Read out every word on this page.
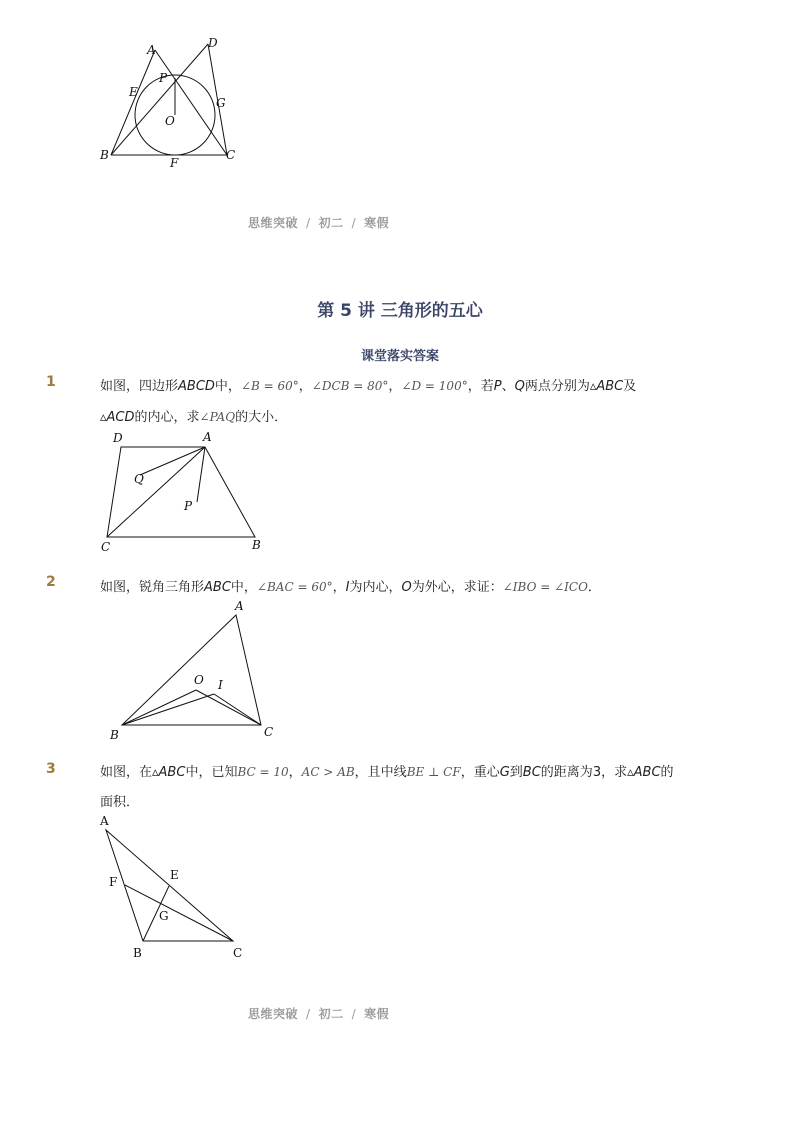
A	D
P
E
G
O
B
F
C
思维突破 / 初二 / 寒假
第 5 讲 三角形的五心
课堂落实答案
1	如图，四边形ABCD中，∠B = 60°，∠DCB = 80°，∠D = 100°，若P、Q两点分别为▵ABC及
▵ACD的内心，求∠PAQ的大小．
D	A
Q
P
C	B
2	如图，锐角三角形ABC中，∠BAC = 60°，I为内心，O为外心，求证：∠IBO = ∠ICO．
A
O I
B	C
3	如图，在▵ABC中，已知BC = 10，AC > AB，且中线BE ⊥ CF，重心G到BC的距离为3，求▵ABC的
面积．
A
F	E
G
B	C
思维突破 / 初二 / 寒假
